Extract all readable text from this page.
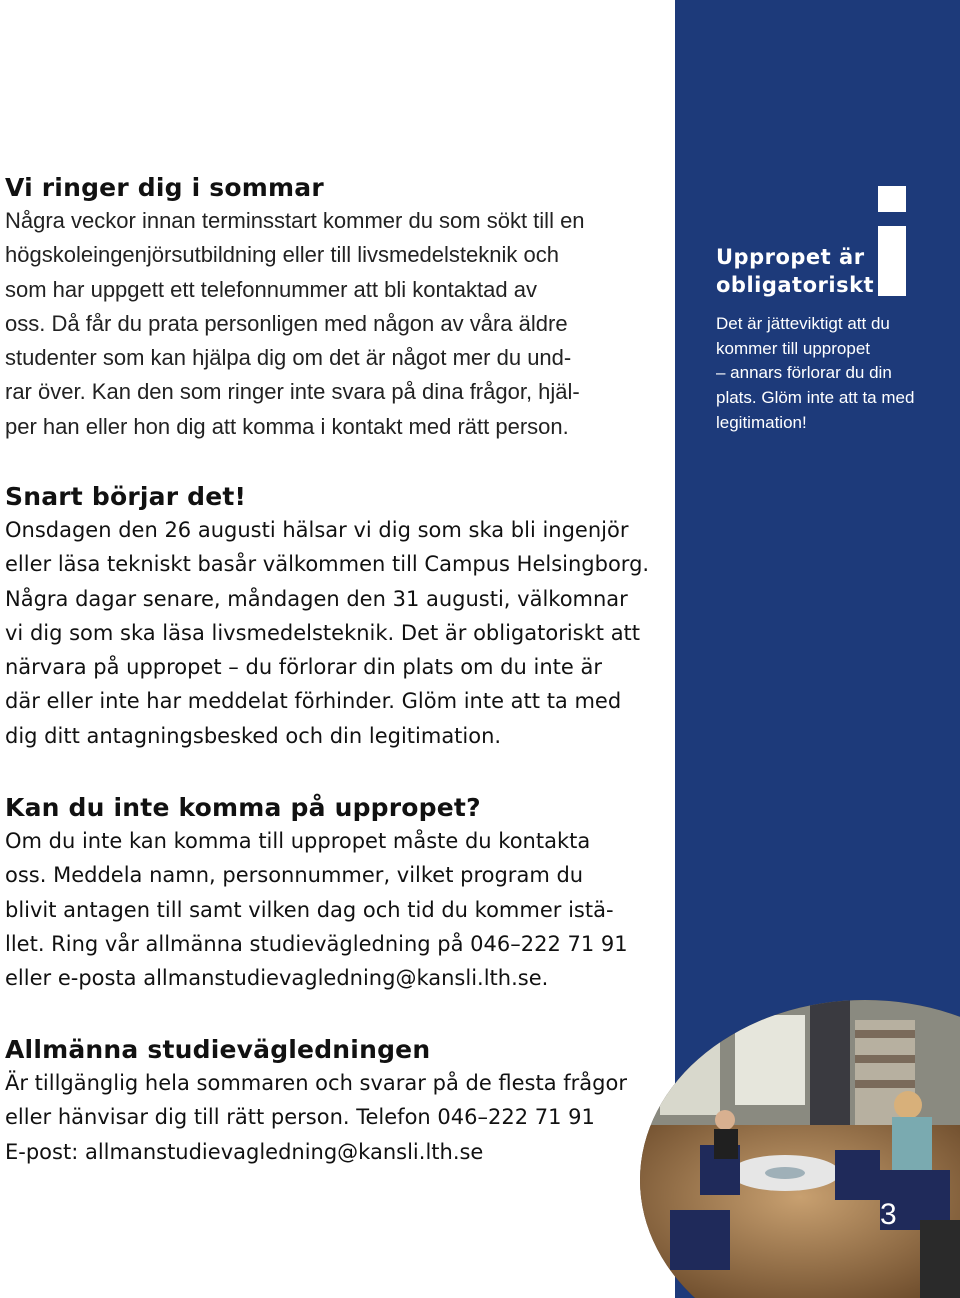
Vi ringer dig i sommar
Några veckor innan terminsstart kommer du som sökt till en
högskoleingenjörsutbildning eller till livsmedelsteknik och
som har uppgett ett telefonnummer att bli kontaktad av
oss. Då får du prata personligen med någon av våra äldre
studenter som kan hjälpa dig om det är något mer du und-
rar över. Kan den som ringer inte svara på dina frågor, hjäl-
per han eller hon dig att komma i kontakt med rätt person.
Snart börjar det!
Onsdagen den 26 augusti hälsar vi dig som ska bli ingenjör
eller läsa tekniskt basår välkommen till Campus Helsingborg.
Några dagar senare, måndagen den 31 augusti, välkomnar
vi dig som ska läsa livsmedelsteknik. Det är obligatoriskt att
närvara på uppropet – du förlorar din plats om du inte är
där eller inte har meddelat förhinder. Glöm inte att ta med
dig ditt antagningsbesked och din legitimation.
Kan du inte komma på uppropet?
Om du inte kan komma till uppropet måste du kontakta
oss. Meddela namn, personnummer, vilket program du
blivit antagen till samt vilken dag och tid du kommer istä-
llet. Ring vår allmänna studievägledning på 046–222 71 91
eller e-posta allmanstudievagledning@kansli.lth.se.
Allmänna studievägledningen
Är tillgänglig hela sommaren och svarar på de flesta frågor
eller hänvisar dig till rätt person. Telefon 046–222 71 91
E-post: allmanstudievagledning@kansli.lth.se
Uppropet är
obligatoriskt
Det är jätteviktigt att du
kommer till uppropet
– annars förlorar du din
plats. Glöm inte att ta med
legitimation!
3
